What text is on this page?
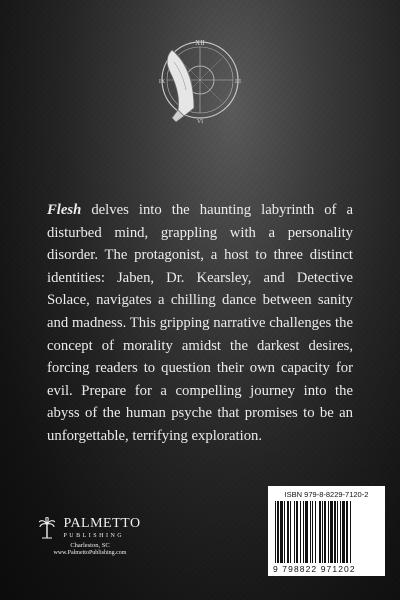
XII
III
VI
IX

Flesh delves into the haunting labyrinth of a disturbed mind, grappling with a personality disorder. The protagonist, a host to three distinct identities: Jaben, Dr. Kearsley, and Detective Solace, navigates a chilling dance between sanity and madness. This gripping narrative challenges the concept of morality amidst the darkest desires, forcing readers to question their own capacity for evil. Prepare for a compelling journey into the abyss of the human psyche that promises to be an unforgettable, terrifying exploration.

PALMETTO
PUBLISHING
Charleston, SC
www.PalmettoPublishing.com
ISBN 979-8-8229-7120-2
9 798822 971202
